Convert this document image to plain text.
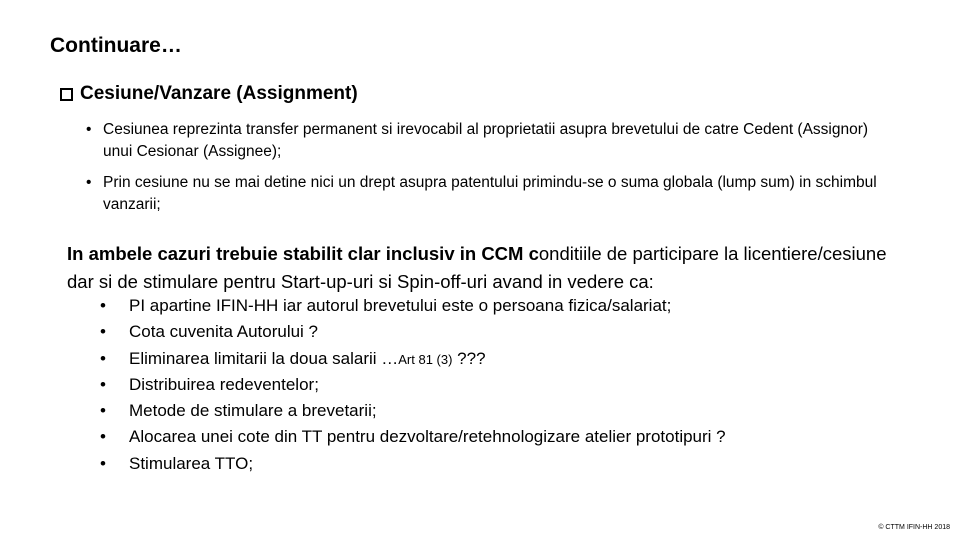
Continuare…
Cesiune/Vanzare (Assignment)
• Cesiunea reprezinta transfer permanent si irevocabil al proprietatii asupra brevetului de catre Cedent (Assignor) unui Cesionar (Assignee);
• Prin cesiune nu se mai detine nici un drept asupra patentului primindu-se o suma globala (lump sum) in schimbul vanzarii;
In ambele cazuri trebuie stabilit clar inclusiv in CCM conditiile de participare la licentiere/cesiune dar si de stimulare pentru Start-up-uri si Spin-off-uri avand in vedere ca:
• PI apartine IFIN-HH iar autorul brevetului este o persoana fizica/salariat;
• Cota cuvenita Autorului ?
• Eliminarea limitarii la doua salarii …Art 81 (3) ???
• Distribuirea redeventelor;
• Metode de stimulare a brevetarii;
• Alocarea unei cote din TT pentru dezvoltare/retehnologizare atelier prototipuri ?
• Stimularea TTO;
© CTTM IFIN-HH 2018
